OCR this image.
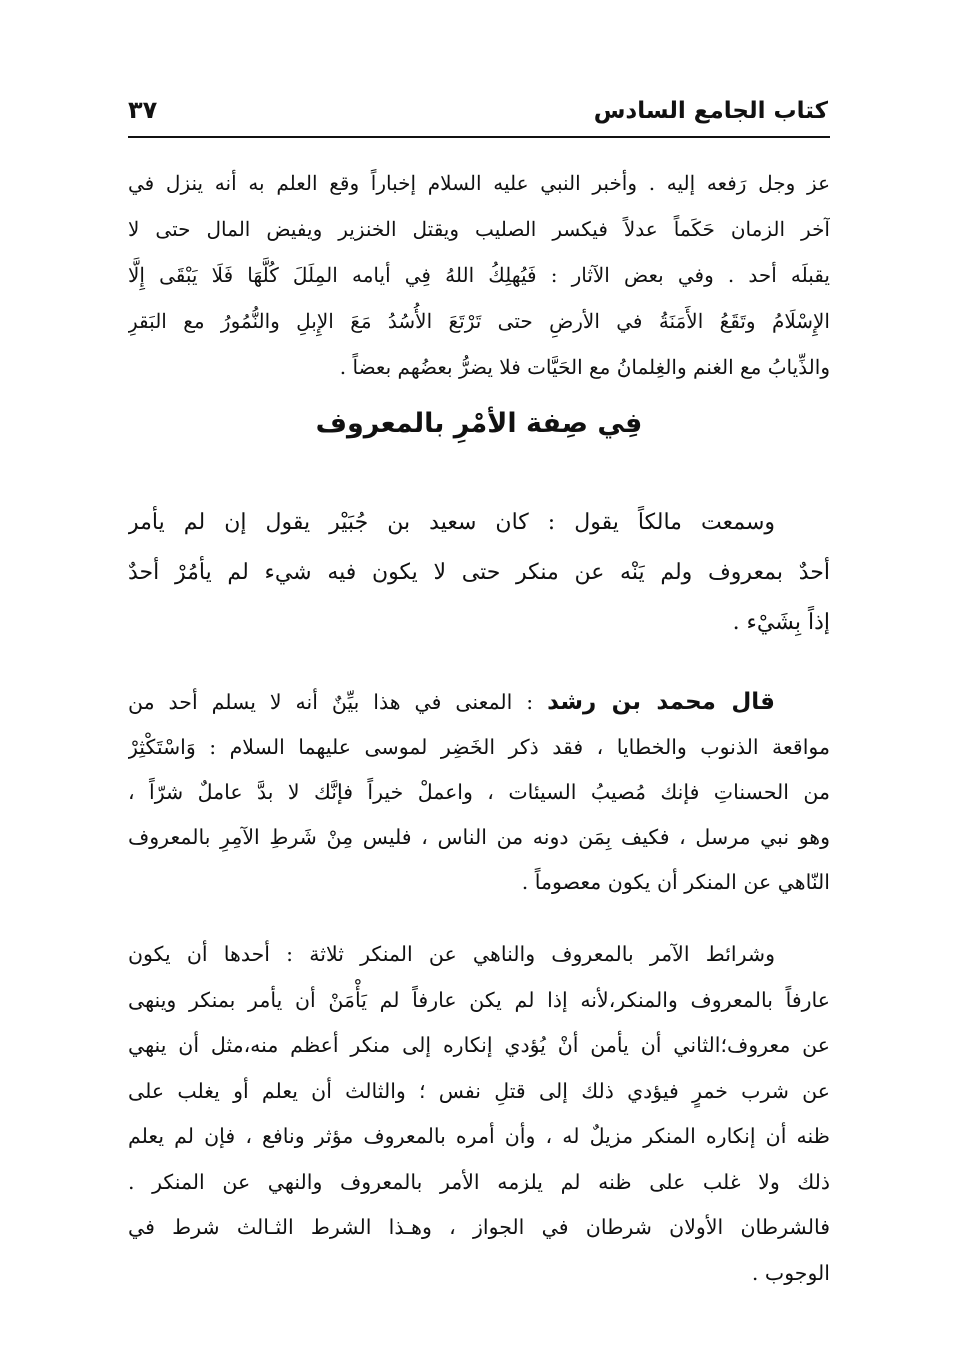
كتاب الجامع السادس
٣٧
عز وجل رَفعه إليه . وأخبر النبي عليه السلام إخباراً وقع العلم به أنه ينزل في
آخر الزمان حَكَماً عدلاً فيكسر الصليب ويقتل الخنزير ويفيض المال حتى لا
يقبلَه أحد . وفي بعض الآثار : فَيُهلِكُ اللهُ فِي أيامه المِلَلَ كُلَّهَا فَلَا يَبْقَى إِلَّا
الإِسْلَامُ وتَقَعُ الأَمَنَةُ في الأرضِ حتى تَرْتَعَ الأُسُدُ مَعَ الإِبلِ والنُّمُورُ مع البَقرِ
والذِّيابُ مع الغنم والغِلمانُ مع الحَيَّات فلا يضرُّ بعضُهم بعضاً .
فِي صِفة الأمْرِ بالمعروف
وسمعت مالكاً يقول : كان سعيد بن جُبَيْر يقول إن لم يأمر
أحدٌ بمعروف ولم يَنْه عن منكر حتى لا يكون فيه شيء لم يأمُرْ أحدٌ
إذاً بِشَيْء .
قال محمد بن رشد : المعنى في هذا بيِّنٌ أنه لا يسلم أحد من
مواقعة الذنوب والخطايا ، فقد ذكر الخَضِر لموسى عليهما السلام : وَاسْتَكْثِرْ
من الحسناتِ فإنك مُصيبُ السيئات ، واعملْ خيراً فإنَّك لا بدَّ عاملٌ شرّاً ،
وهو نبي مرسل ، فكيف بِمَن دونه من الناس ، فليس مِنْ شَرطِ الآمِرِ بالمعروف
النّاهي عن المنكر أن يكون معصوماً .
وشرائط الآمر بالمعروف والناهي عن المنكر ثلاثة : أحدها أن يكون
عارفاً بالمعروف والمنكر،لأنه إذا لم يكن عارفاً لم يَأْمَنْ أن يأمر بمنكر وينهى
عن معروف؛الثاني أن يأمن أنْ يُؤدي إنكاره إلى منكر أعظم منه،مثل أن ينهي
عن شرب خمرٍ فيؤدي ذلك إلى قتلِ نفس ؛ والثالث أن يعلم أو يغلب على
ظنه أن إنكاره المنكر مزيلٌ له ، وأن أمره بالمعروف مؤثر ونافع ، فإن لم يعلم
ذلك ولا غلب على ظنه لم يلزمه الأمر بالمعروف والنهي عن المنكر .
فالشرطان الأولان شرطان في الجواز ، وهـذا الشرط الثـالث شرط في
الوجوب .
